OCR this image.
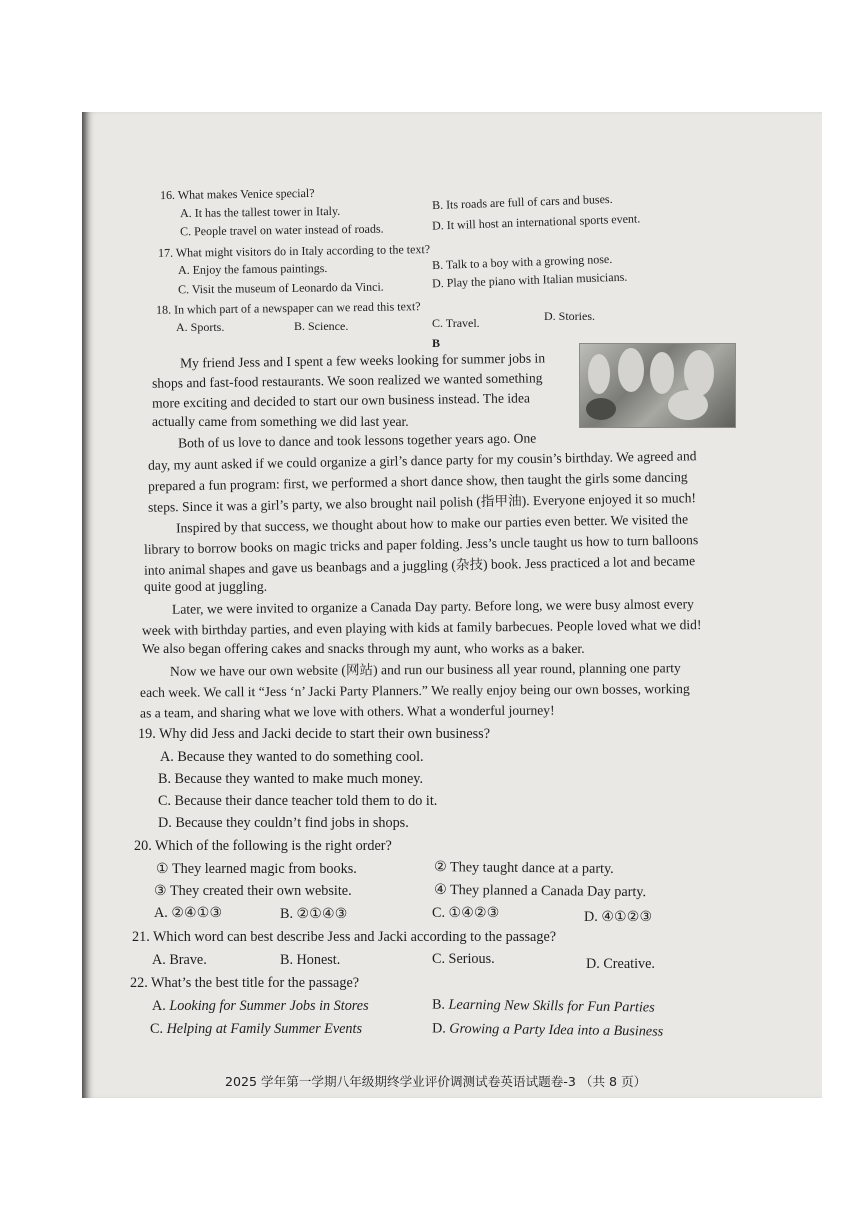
16. What makes Venice special?
A. It has the tallest tower in Italy.	B. Its roads are full of cars and buses.
C. People travel on water instead of roads.	D. It will host an international sports event.
17. What might visitors do in Italy according to the text?
A. Enjoy the famous paintings.	B. Talk to a boy with a growing nose.
C. Visit the museum of Leonardo da Vinci.	D. Play the piano with Italian musicians.
18. In which part of a newspaper can we read this text?
A. Sports.	B. Science.	C. Travel.	D. Stories.
B
My friend Jess and I spent a few weeks looking for summer jobs in
shops and fast-food restaurants. We soon realized we wanted something
more exciting and decided to start our own business instead. The idea
actually came from something we did last year.
Both of us love to dance and took lessons together years ago. One
day, my aunt asked if we could organize a girl’s dance party for my cousin’s birthday. We agreed and
prepared a fun program: first, we performed a short dance show, then taught the girls some dancing
steps. Since it was a girl’s party, we also brought nail polish (指甲油). Everyone enjoyed it so much!
Inspired by that success, we thought about how to make our parties even better. We visited the
library to borrow books on magic tricks and paper folding. Jess’s uncle taught us how to turn balloons
into animal shapes and gave us beanbags and a juggling (杂技) book. Jess practiced a lot and became
quite good at juggling.
Later, we were invited to organize a Canada Day party. Before long, we were busy almost every
week with birthday parties, and even playing with kids at family barbecues. People loved what we did!
We also began offering cakes and snacks through my aunt, who works as a baker.
Now we have our own website (网站) and run our business all year round, planning one party
each week. We call it “Jess ‘n’ Jacki Party Planners.” We really enjoy being our own bosses, working
as a team, and sharing what we love with others. What a wonderful journey!
19. Why did Jess and Jacki decide to start their own business?
A. Because they wanted to do something cool.
B. Because they wanted to make much money.
C. Because their dance teacher told them to do it.
D. Because they couldn’t find jobs in shops.
20. Which of the following is the right order?
① They learned magic from books.	② They taught dance at a party.
③ They created their own website.	④ They planned a Canada Day party.
A. ②④①③	B. ②①④③	C. ①④②③	D. ④①②③
21. Which word can best describe Jess and Jacki according to the passage?
A. Brave.	B. Honest.	C. Serious.	D. Creative.
22. What’s the best title for the passage?
A. Looking for Summer Jobs in Stores	B. Learning New Skills for Fun Parties
C. Helping at Family Summer Events	D. Growing a Party Idea into a Business
2025 学年第一学期八年级期终学业评价调测试卷英语试题卷-3 （共 8 页）
